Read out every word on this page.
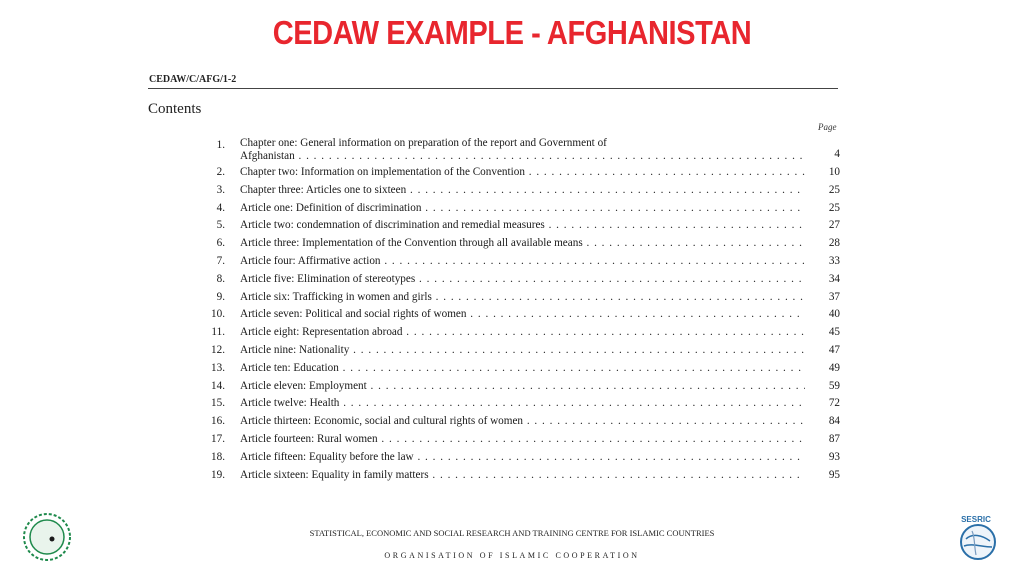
CEDAW EXAMPLE - AFGHANISTAN
CEDAW/C/AFG/1-2
Contents
Page
1. Chapter one: General information on preparation of the report and Government of
Afghanistan . . .	4
2. Chapter two: Information on implementation of the Convention . . .	10
3. Chapter three: Articles one to sixteen . . .	25
4. Article one: Definition of discrimination . . .	25
5. Article two: condemnation of discrimination and remedial measures . . .	27
6. Article three: Implementation of the Convention through all available means . . .	28
7. Article four: Affirmative action . . .	33
8. Article five: Elimination of stereotypes . . .	34
9. Article six: Trafficking in women and girls . . .	37
10. Article seven: Political and social rights of women . . .	40
11. Article eight: Representation abroad . . .	45
12. Article nine: Nationality . . .	47
13. Article ten: Education . . .	49
14. Article eleven: Employment . . .	59
15. Article twelve: Health . . .	72
16. Article thirteen: Economic, social and cultural rights of women . . .	84
17. Article fourteen: Rural women . . .	87
18. Article fifteen: Equality before the law . . .	93
19. Article sixteen: Equality in family matters . . .	95
STATISTICAL, ECONOMIC AND SOCIAL RESEARCH AND TRAINING CENTRE FOR ISLAMIC COUNTRIES
ORGANISATION OF ISLAMIC COOPERATION
SESRIC
